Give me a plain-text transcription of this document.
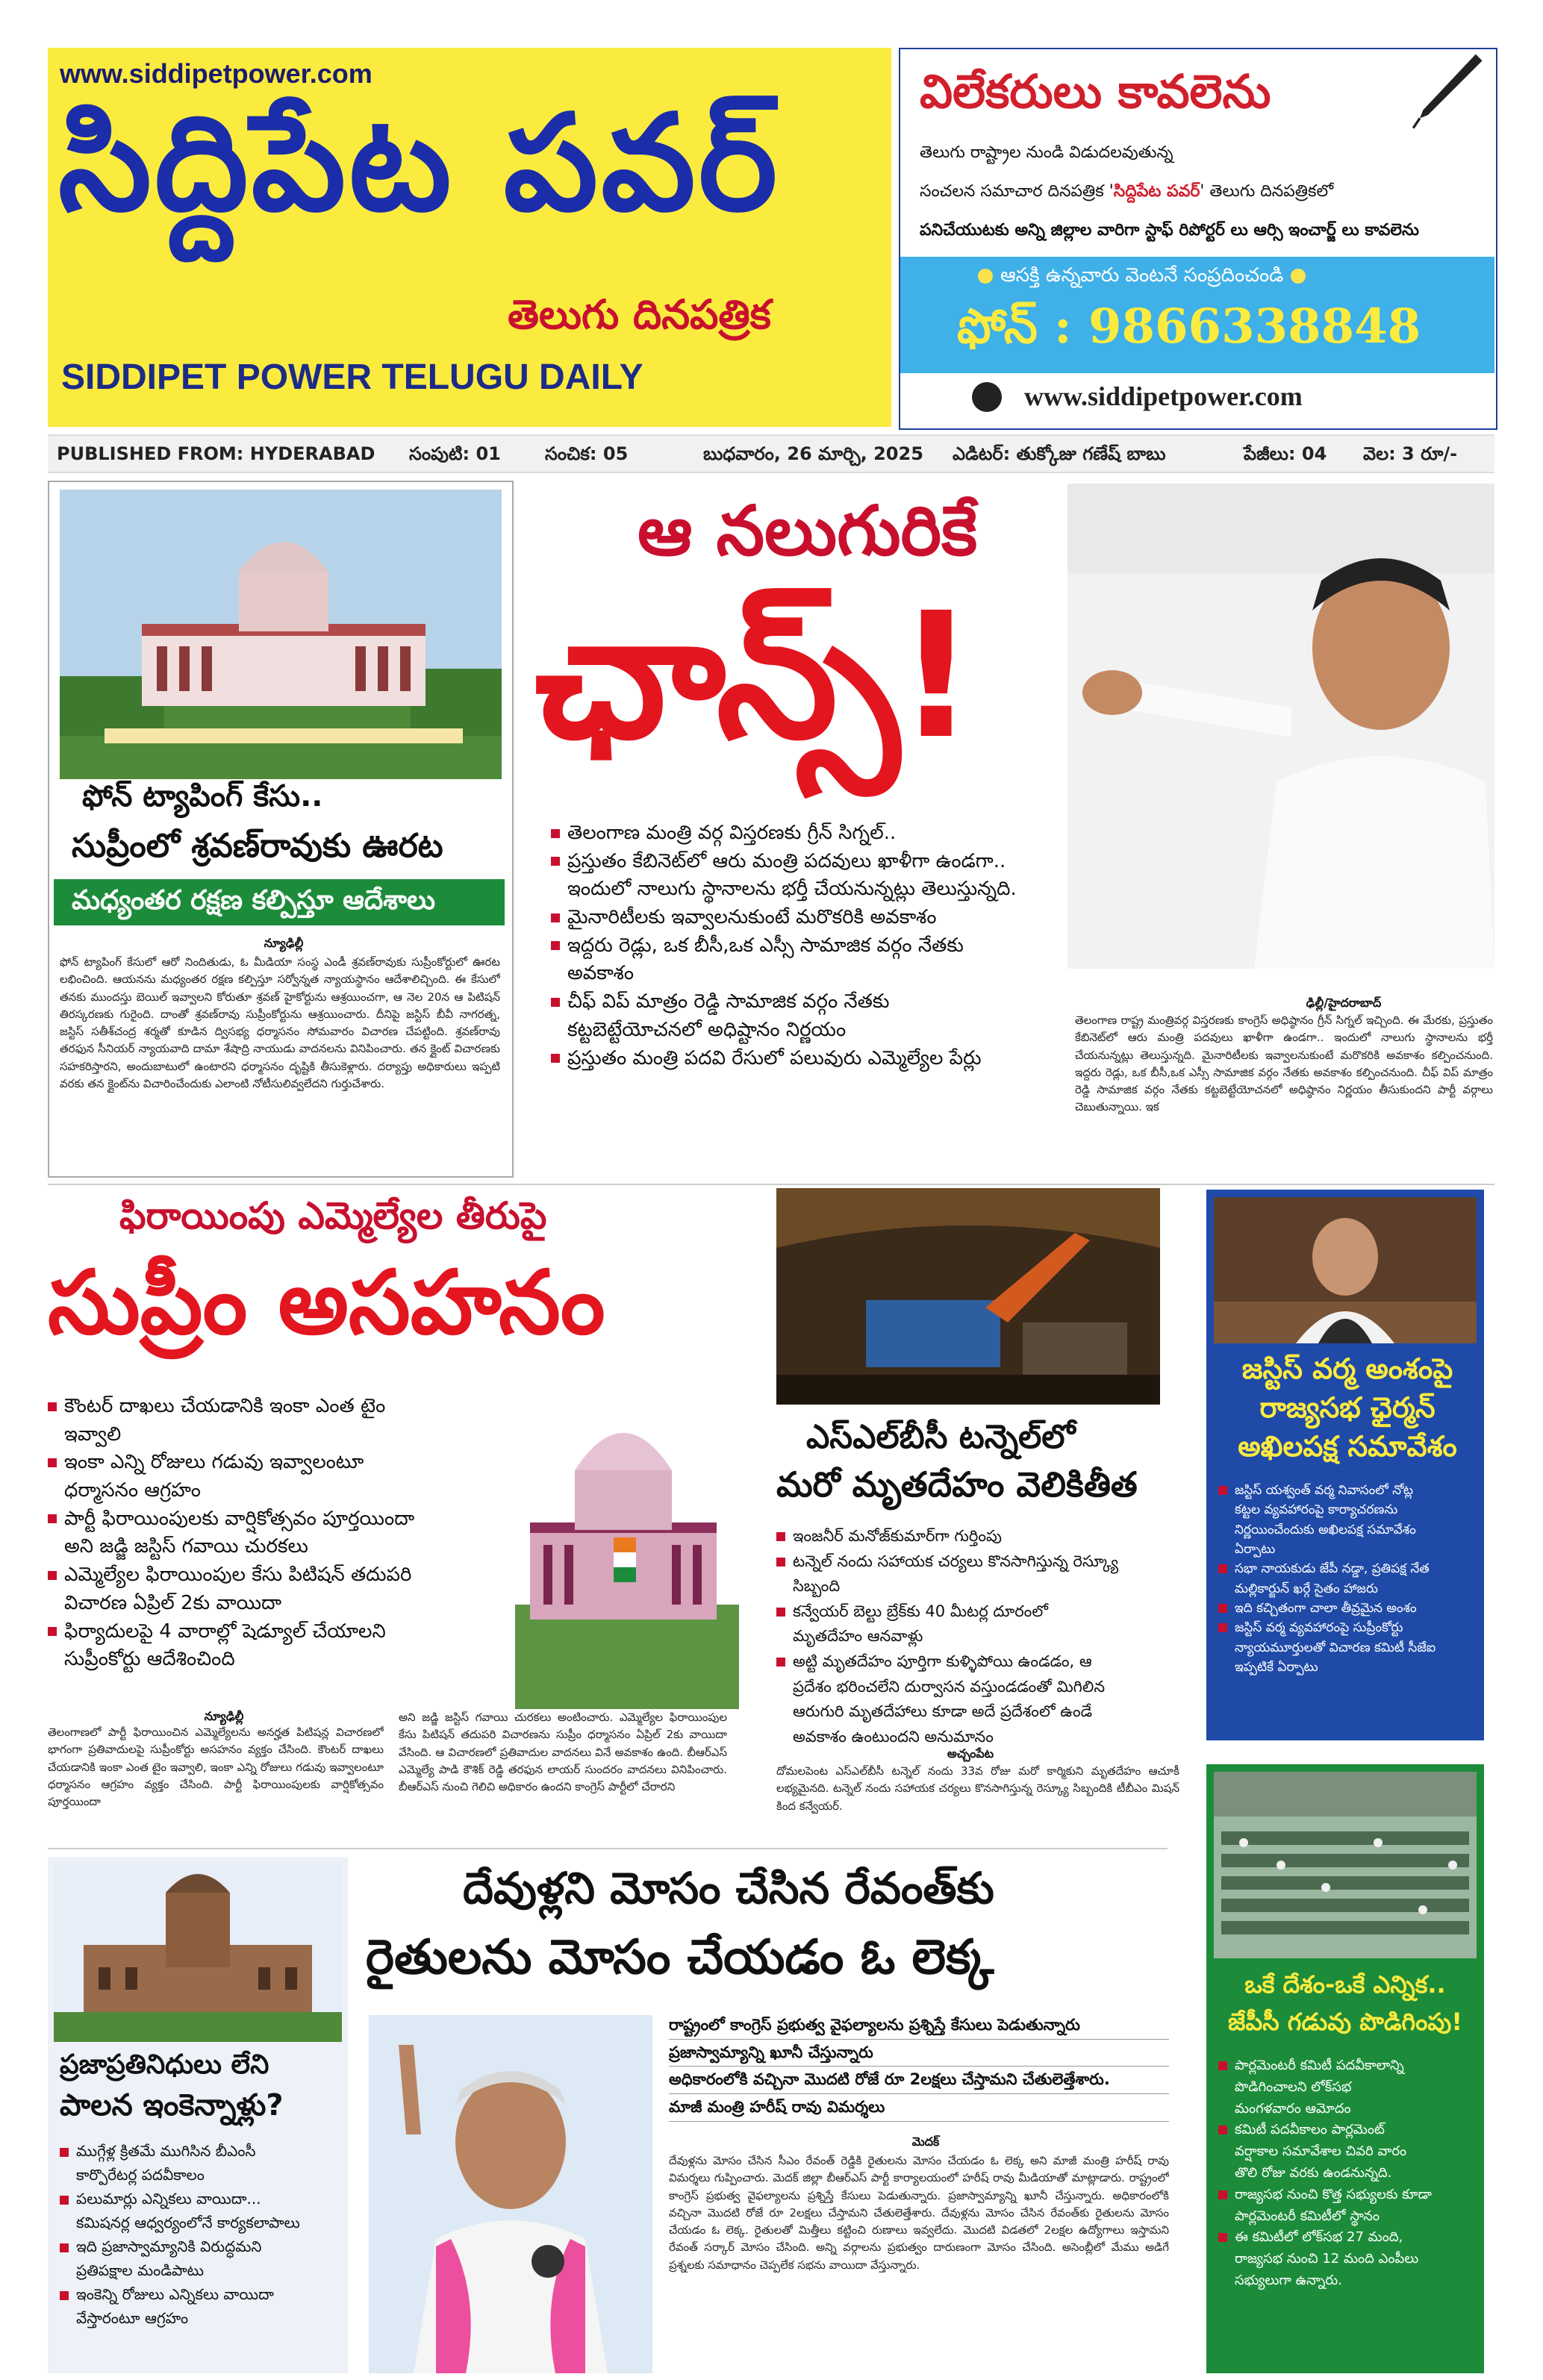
www.siddipetpower.com
సిద్దిపేట పవర్
తెలుగు దినపత్రిక
SIDDIPET POWER TELUGU DAILY
విలేకరులు కావలెను
తెలుగు రాష్ట్రాల నుండి విడుదలవుతున్న
సంచలన సమాచార దినపత్రిక 'సిద్దిపేట పవర్' తెలుగు దినపత్రికలో
పనిచేయుటకు అన్ని జిల్లాల వారిగా స్టాఫ్ రిపోర్టర్ లు ఆర్సి ఇంచార్జ్ లు కావలెను
ఆసక్తి ఉన్నవారు వెంటనే సంప్రదించండి
ఫోన్ : 9866338848
www.siddipetpower.com
PUBLISHED FROM: HYDERABAD సంపుటి: 01 సంచిక: 05	బుధవారం, 26 మార్చి, 2025 ఎడిటర్: తుక్కోజు గణేష్ బాబు	పేజీలు: 04 వెల: 3 రూ/-
ఫోన్ ట్యాపింగ్ కేసు..
సుప్రీంలో శ్రవణ్‌రావుకు ఊరట
మధ్యంతర రక్షణ కల్పిస్తూ ఆదేశాలు
న్యూఢిల్లీ
ఫోన్ ట్యాపింగ్ కేసులో ఆరో నిందితుడు, ఓ మీడియా సంస్థ ఎండీ శ్రవణ్‌రావుకు సుప్రీంకోర్టులో ఊరట లభించింది. ఆయనను మధ్యంతర రక్షణ కల్పిస్తూ సర్వోన్నత న్యాయస్థానం ఆదేశాలిచ్చింది. ఈ కేసులో తనకు ముందస్తు బెయిల్ ఇవ్వాలని కోరుతూ శ్రవణ్ హైకోర్టును ఆశ్రయించగా, ఆ నెల 20న ఆ పిటిషన్‌ తిరస్కరణకు గురైంది. దాంతో శ్రవణ్‌రావు సుప్రీంకోర్టును ఆశ్రయించారు. దీనిపై జస్టిస్ బీవీ నాగరత్న, జస్టిస్ సతీశ్‌చంద్ర శర్మతో కూడిన ద్విసభ్య ధర్మాసనం సోమవారం విచారణ చేపట్టింది. శ్రవణ్‌రావు తరఫున సీనియర్ న్యాయవాది దామా శేషాద్రి నాయుడు వాదనలను వినిపించారు. తన క్లైంట్ విచారణకు సహకరిస్తారని, అందుబాటులో ఉంటారని ధర్మాసనం దృష్టికి తీసుకెళ్లారు. దర్యాప్తు అధికారులు ఇప్పటి వరకు తన క్లైంట్‌ను విచారించేందుకు ఎలాంటి నోటీసులివ్వలేదని గుర్తుచేశారు.
ఆ నలుగురికే
ఛాన్స్!
తెలంగాణ మంత్రి వర్గ విస్తరణకు గ్రీన్ సిగ్నల్..
ప్రస్తుతం కేబినెట్‌లో ఆరు మంత్రి పదవులు ఖాళీగా ఉండగా..
ఇందులో నాలుగు స్థానాలను భర్తీ చేయనున్నట్లు తెలుస్తున్నది.
మైనారిటీలకు ఇవ్వాలనుకుంటే మరొకరికి అవకాశం
ఇద్దరు రెడ్లు, ఒక బీసీ,ఒక ఎస్సీ సామాజిక వర్గం నేతకు
అవకాశం
చీఫ్ విప్ మాత్రం రెడ్డి సామాజిక వర్గం నేతకు
కట్టబెట్టేయోచనలో అధిష్టానం నిర్ణయం
ప్రస్తుతం మంత్రి పదవి రేసులో పలువురు ఎమ్మెల్యేల పేర్లు
ఢిల్లీ/హైదరాబాద్
తెలంగాణ రాష్ట్ర మంత్రివర్గ విస్తరణకు కాంగ్రెస్ అధిష్ఠానం గ్రీన్ సిగ్నల్ ఇచ్చింది. ఈ మేరకు, ప్రస్తుతం కేబినెట్‌లో ఆరు మంత్రి పదవులు ఖాళీగా ఉండగా.. ఇందులో నాలుగు స్థానాలను భర్తీ చేయనున్నట్లు తెలుస్తున్నది. మైనారిటీలకు ఇవ్వాలనుకుంటే మరొకరికి అవకాశం కల్పించనుంది. ఇద్దరు రెడ్లు, ఒక బీసీ,ఒక ఎస్సీ సామాజిక వర్గం నేతకు అవకాశం కల్పించనుంది. చీఫ్ విప్ మాత్రం రెడ్డి సామాజిక వర్గం నేతకు కట్టబెట్టేయోచనలో అధిష్ఠానం నిర్ణయం తీసుకుందని పార్టీ వర్గాలు చెబుతున్నాయి. ఇక
ఫిరాయింపు ఎమ్మెల్యేల తీరుపై
సుప్రీం అసహనం
కౌంటర్ దాఖలు చేయడానికి ఇంకా ఎంత టైం
ఇవ్వాలి
ఇంకా ఎన్ని రోజులు గడువు ఇవ్వాలంటూ
ధర్మాసనం ఆగ్రహం
పార్టీ ఫిరాయింపులకు వార్షికోత్సవం పూర్తయిందా
అని జడ్జి జస్టిస్ గవాయి చురకలు
ఎమ్మెల్యేల ఫిరాయింపుల కేసు పిటిషన్ తదుపరి
విచారణ ఏప్రిల్ 2కు వాయిదా
ఫిర్యాదులపై 4 వారాల్లో షెడ్యూల్ చేయాలని
సుప్రీంకోర్టు ఆదేశించింది
న్యూఢిల్లీ
తెలంగాణలో పార్టీ ఫిరాయించిన ఎమ్మెల్యేలను అనర్హత పిటిషన్ల విచారణలో భాగంగా ప్రతివాదులపై సుప్రీంకోర్టు అసహనం వ్యక్తం చేసింది. కౌంటర్ దాఖలు చేయడానికి ఇంకా ఎంత టైం ఇవ్వాలి, ఇంకా ఎన్ని రోజులు గడువు ఇవ్వాలంటూ ధర్మాసనం ఆగ్రహం వ్యక్తం చేసింది. పార్టీ ఫిరాయింపులకు వార్షికోత్సవం పూర్తయిందా
అని జడ్జి జస్టిస్ గవాయి చురకలు అంటించారు. ఎమ్మెల్యేల ఫిరాయింపుల కేసు పిటిషన్ తదుపరి విచారణను సుప్రీం ధర్మాసనం ఏప్రిల్ 2కు వాయిదా వేసింది. ఆ విచారణలో ప్రతివాదుల వాదనలు వినే అవకాశం ఉంది. బీఆర్ఎస్ ఎమ్మెల్యే పాడి కౌశిక్ రెడ్డి తరఫున లాయర్ సుందరం వాదనలు వినిపించారు. బీఆర్ఎస్ నుంచి గెలిచి అధికారం ఉందని కాంగ్రెస్ పార్టీలో చేరారని
ఎస్ఎల్‌బీసీ టన్నెల్‌లో
మరో మృతదేహం వెలికితీత
ఇంజనీర్ మనోజ్‌కుమార్‌గా గుర్తింపు
టన్నెల్ నందు సహాయక చర్యలు కొనసాగిస్తున్న రెస్క్యూ
సిబ్బంది
కన్వేయర్ బెల్టు బ్రేక్‌కు 40 మీటర్ల దూరంలో
మృతదేహం ఆనవాళ్లు
అట్టి మృతదేహం పూర్తిగా కుళ్ళిపోయి ఉండడం, ఆ
ప్రదేశం భరించలేని దుర్వాసన వస్తుండడంతో మిగిలిన
ఆరుగురి మృతదేహాలు కూడా అదే ప్రదేశంలో ఉండే
అవకాశం ఉంటుందని అనుమానం
అచ్చంపేట
దోమలపెంట ఎస్ఎల్‌బీసీ టన్నెల్ నందు 33వ రోజు మరో కార్మికుని మృతదేహం ఆచూకీ లభ్యమైనది. టన్నెల్ నందు సహాయక చర్యలు కొనసాగిస్తున్న రెస్క్యూ సిబ్బందికి టీబీఎం మిషన్ కింద కన్వేయర్.
జస్టిస్ వర్మ అంశంపై
రాజ్యసభ ఛైర్మన్
అఖిలపక్ష సమావేశం
జస్టిస్ యశ్వంత్ వర్మ నివాసంలో నోట్ల
కట్టల వ్యవహారంపై కార్యాచరణను
నిర్ణయించేందుకు అఖిలపక్ష సమావేశం
ఏర్పాటు
సభా నాయకుడు జేపీ నడ్డా, ప్రతిపక్ష నేత
మల్లికార్జున్ ఖర్గే సైతం హాజరు
ఇది కచ్చితంగా చాలా తీవ్రమైన అంశం
జస్టిస్ వర్మ వ్యవహారంపై సుప్రీంకోర్టు
న్యాయమూర్తులతో విచారణ కమిటీ సీజేఐ
ఇప్పటికే ఏర్పాటు
ప్రజాప్రతినిధులు లేని
పాలన ఇంకెన్నాళ్లు?
ముగ్గేళ్ల క్రితమే ముగిసిన బీఎంసీ
కార్పొరేటర్ల పదవీకాలం
పలుమార్లు ఎన్నికలు వాయిదా...
కమిషనర్ల ఆధ్వర్యంలోనే కార్యకలాపాలు
ఇది ప్రజాస్వామ్యానికి విరుద్ధమని
ప్రతిపక్షాల మండిపాటు
ఇంకెన్ని రోజులు ఎన్నికలు వాయిదా
వేస్తారంటూ ఆగ్రహం
దేవుళ్లని మోసం చేసిన రేవంత్‌కు
రైతులను మోసం చేయడం ఓ లెక్క
రాష్ట్రంలో కాంగ్రెస్ ప్రభుత్వ వైఫల్యాలను ప్రశ్నిస్తే కేసులు పెడుతున్నారు
ప్రజాస్వామ్యాన్ని ఖూనీ చేస్తున్నారు
అధికారంలోకి వచ్చినా మొదటి రోజే రూ 2లక్షలు చేస్తామని చేతులెత్తేశారు.
మాజీ మంత్రి హరీష్ రావు విమర్శలు
మెదక్
దేవుళ్లను మోసం చేసిన సీఎం రేవంత్ రెడ్డికి రైతులను మోసం చేయడం ఓ లెక్క అని మాజీ మంత్రి హరీష్ రావు విమర్శలు గుప్పించారు. మెదక్ జిల్లా బీఆర్ఎస్ పార్టీ కార్యాలయంలో హరీష్ రావు మీడియాతో మాట్లాడారు. రాష్ట్రంలో కాంగ్రెస్ ప్రభుత్వ వైఫల్యాలను ప్రశ్నిస్తే కేసులు పెడుతున్నారు. ప్రజాస్వామ్యాన్ని ఖూనీ చేస్తున్నారు. అధికారంలోకి వచ్చినా మొదటి రోజే రూ 2లక్షలు చేస్తామని చేతులెత్తేశారు. దేవుళ్లను మోసం చేసిన రేవంత్‌కు రైతులను మోసం చేయడం ఓ లెక్క. రైతులతో మిత్తీలు కట్టించి రుణాలు ఇవ్వలేదు. మొదటి విడతలో 2లక్షల ఉద్యోగాలు ఇస్తామని రేవంత్ సర్కార్ మోసం చేసింది. అన్ని వర్గాలను ప్రభుత్వం దారుణంగా మోసం చేసింది. అసెంబ్లీలో మేము అడిగే ప్రశ్నలకు సమాధానం చెప్పలేక సభను వాయిదా వేస్తున్నారు.
ఒకే దేశం-ఒకే ఎన్నిక..
జేపీసీ గడువు పొడిగింపు!
పార్లమెంటరీ కమిటీ పదవీకాలాన్ని
పొడిగించాలని లోక్‌సభ
మంగళవారం ఆమోదం
కమిటీ పదవీకాలం పార్లమెంట్
వర్షాకాల సమావేశాల చివరి వారం
తొలి రోజు వరకు ఉండనున్నది.
రాజ్యసభ నుంచి కొత్త సభ్యులకు కూడా
పార్లమెంటరీ కమిటీలో స్థానం
ఈ కమిటీలో లోక్‌సభ 27 మంది,
రాజ్యసభ నుంచి 12 మంది ఎంపీలు
సభ్యులుగా ఉన్నారు.
